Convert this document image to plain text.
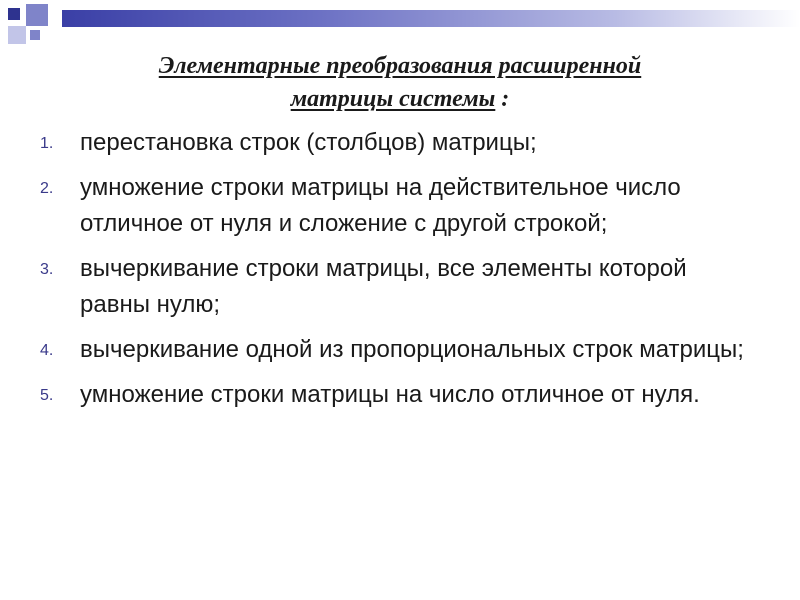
Элементарные преобразования расширенной
матрицы системы :
1. перестановка строк (столбцов) матрицы;
2. умножение строки матрицы на действительное число отличное от нуля и сложение с другой строкой;
3. вычеркивание строки матрицы, все элементы которой равны нулю;
4. вычеркивание одной из пропорциональных строк матрицы;
5. умножение строки матрицы на число отличное от нуля.
